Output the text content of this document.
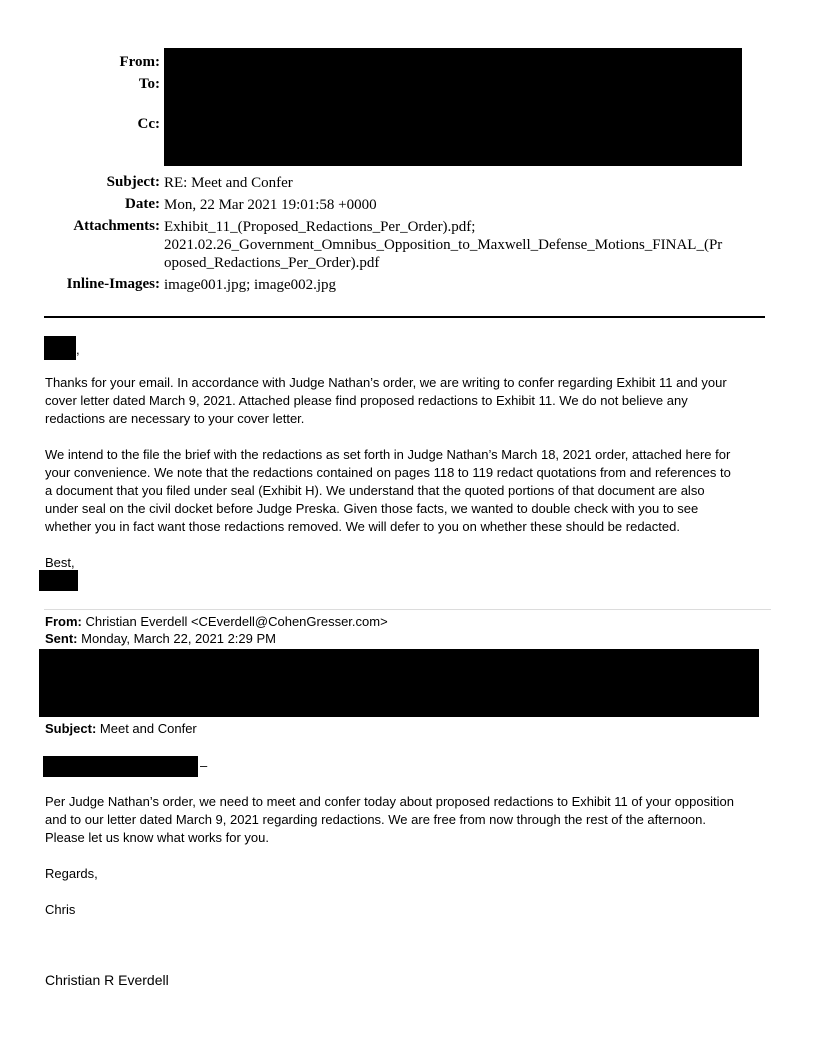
From:
To:
Cc:
Subject: RE: Meet and Confer
Date: Mon, 22 Mar 2021 19:01:58 +0000
Attachments: Exhibit_11_(Proposed_Redactions_Per_Order).pdf;
2021.02.26_Government_Omnibus_Opposition_to_Maxwell_Defense_Motions_FINAL_(Pr
oposed_Redactions_Per_Order).pdf
Inline-Images: image001.jpg; image002.jpg
,
Thanks for your email. In accordance with Judge Nathan’s order, we are writing to confer regarding Exhibit 11 and your
cover letter dated March 9, 2021. Attached please find proposed redactions to Exhibit 11. We do not believe any
redactions are necessary to your cover letter.
We intend to the file the brief with the redactions as set forth in Judge Nathan’s March 18, 2021 order, attached here for
your convenience. We note that the redactions contained on pages 118 to 119 redact quotations from and references to
a document that you filed under seal (Exhibit H). We understand that the quoted portions of that document are also
under seal on the civil docket before Judge Preska. Given those facts, we wanted to double check with you to see
whether you in fact want those redactions removed. We will defer to you on whether these should be redacted.
Best,
From: Christian Everdell <CEverdell@CohenGresser.com>
Sent: Monday, March 22, 2021 2:29 PM
Subject: Meet and Confer
–
Per Judge Nathan’s order, we need to meet and confer today about proposed redactions to Exhibit 11 of your opposition
and to our letter dated March 9, 2021 regarding redactions. We are free from now through the rest of the afternoon.
Please let us know what works for you.
Regards,
Chris
Christian R Everdell
